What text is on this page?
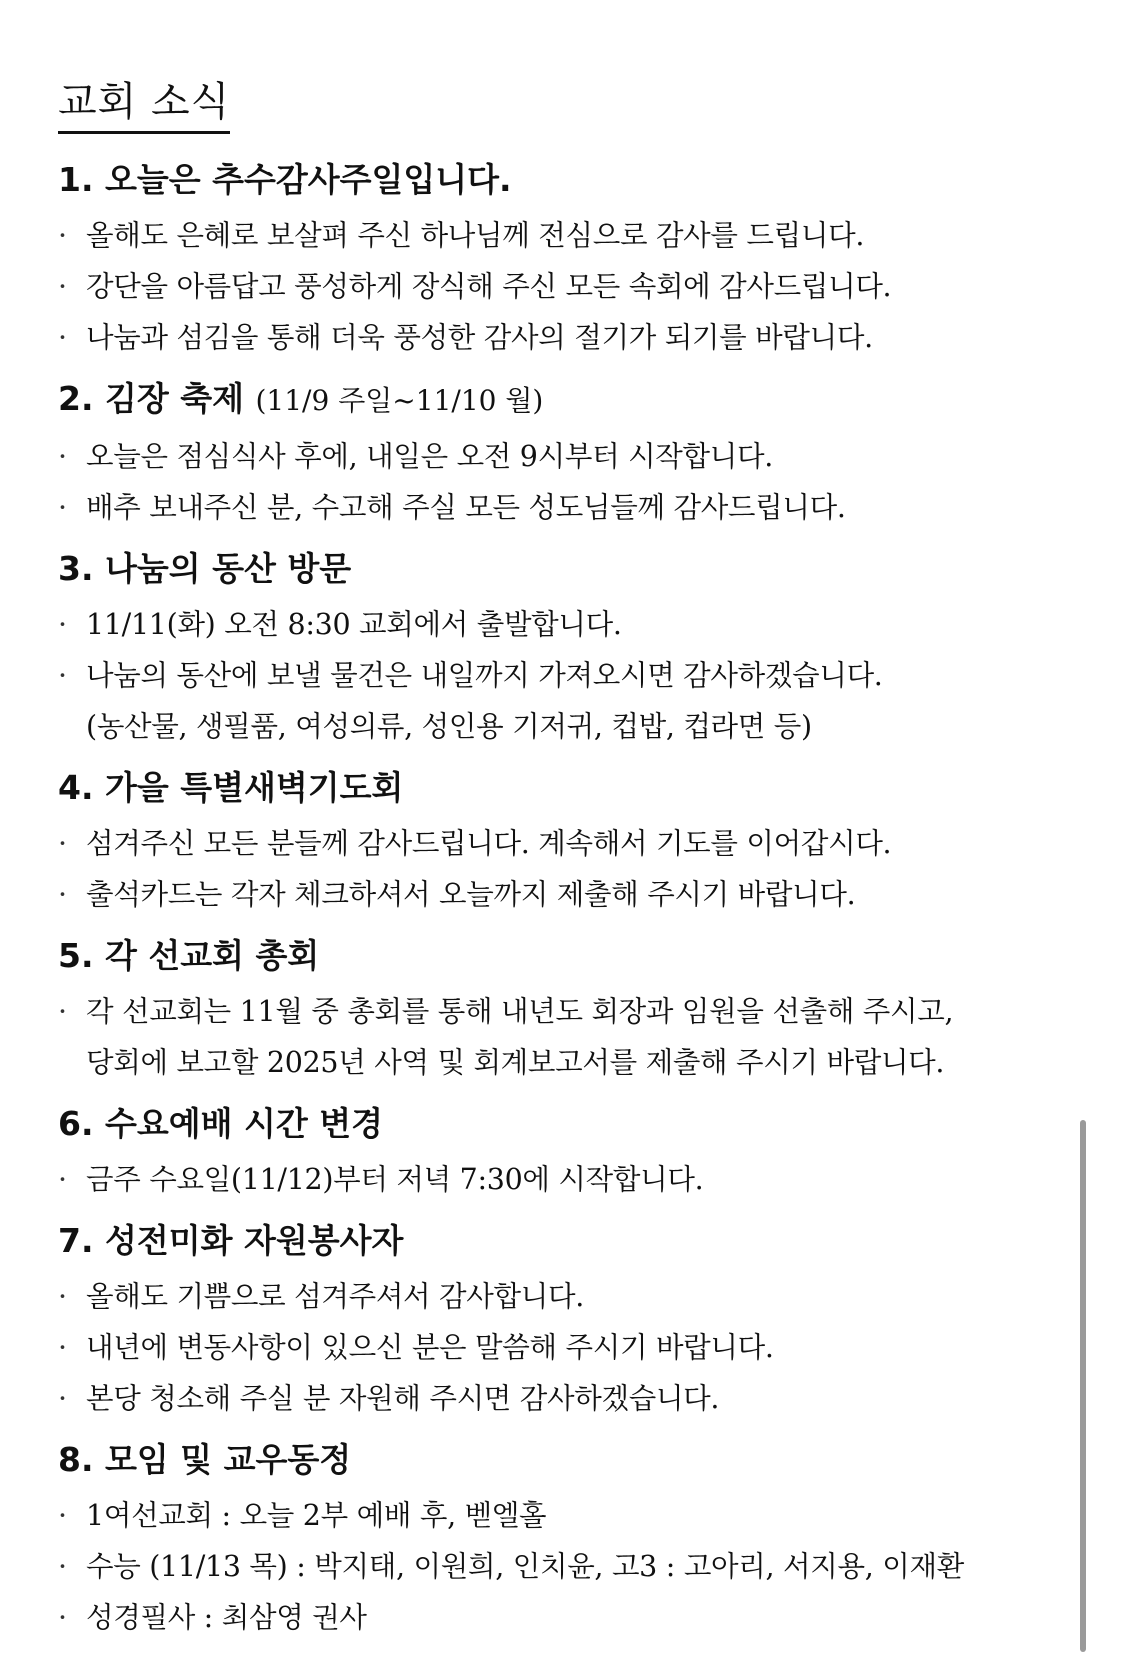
교회 소식
1. 오늘은 추수감사주일입니다.
· 올해도 은혜로 보살펴 주신 하나님께 전심으로 감사를 드립니다.
· 강단을 아름답고 풍성하게 장식해 주신 모든 속회에 감사드립니다.
· 나눔과 섬김을 통해 더욱 풍성한 감사의 절기가 되기를 바랍니다.
2. 김장 축제 (11/9 주일~11/10 월)
· 오늘은 점심식사 후에, 내일은 오전 9시부터 시작합니다.
· 배추 보내주신 분, 수고해 주실 모든 성도님들께 감사드립니다.
3. 나눔의 동산 방문
· 11/11(화) 오전 8:30 교회에서 출발합니다.
· 나눔의 동산에 보낼 물건은 내일까지 가져오시면 감사하겠습니다.
(농산물, 생필품, 여성의류, 성인용 기저귀, 컵밥, 컵라면 등)
4. 가을 특별새벽기도회
· 섬겨주신 모든 분들께 감사드립니다. 계속해서 기도를 이어갑시다.
· 출석카드는 각자 체크하셔서 오늘까지 제출해 주시기 바랍니다.
5. 각 선교회 총회
· 각 선교회는 11월 중 총회를 통해 내년도 회장과 임원을 선출해 주시고,
당회에 보고할 2025년 사역 및 회계보고서를 제출해 주시기 바랍니다.
6. 수요예배 시간 변경
· 금주 수요일(11/12)부터 저녁 7:30에 시작합니다.
7. 성전미화 자원봉사자
· 올해도 기쁨으로 섬겨주셔서 감사합니다.
· 내년에 변동사항이 있으신 분은 말씀해 주시기 바랍니다.
· 본당 청소해 주실 분 자원해 주시면 감사하겠습니다.
8. 모임 및 교우동정
· 1여선교회 : 오늘 2부 예배 후, 벧엘홀
· 수능 (11/13 목) : 박지태, 이원희, 인치윤, 고3 : 고아리, 서지용, 이재환
· 성경필사 : 최삼영 권사
